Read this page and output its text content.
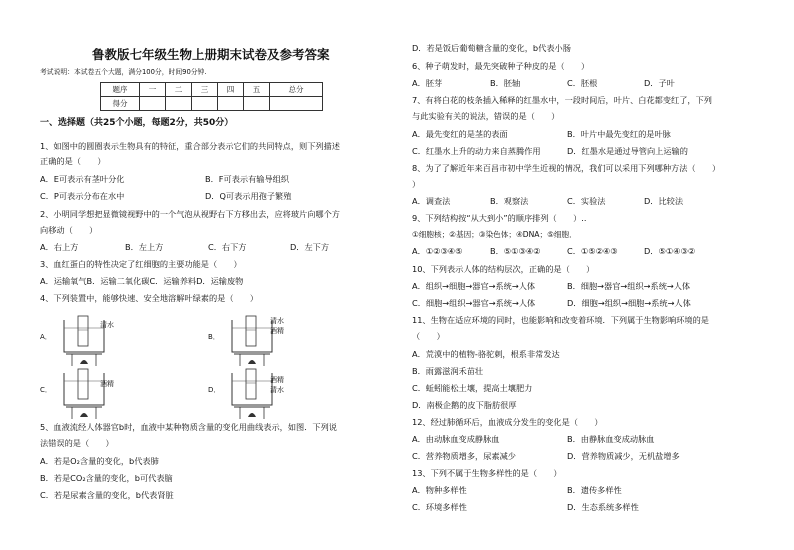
鲁教版七年级生物上册期末试卷及参考答案
考试说明：本试卷五个大题，满分100分，时间90分钟.
题序	一	二	三	四	五	总分
得分						
一、选择题（共25个小题，每题2分，共50分）
1、如图中的圆圈表示生物具有的特征，重合部分表示它们的共同特点，则下列描述
正确的是（　　）
A．E可表示有茎叶分化	B．F可表示有输导组织
C．P可表示分布在水中	D．Q可表示用孢子繁殖
2、小明同学想把显微镜视野中的一个气泡从视野右下方移出去，应将玻片向哪个方
向移动（　　）
A．右上方	B．左上方	C．右下方	D．左下方
3、血红蛋白的特性决定了红细胞的主要功能是（　　）
A．运输氧气B．运输二氧化碳C．运输养料D．运输废物
4、下列装置中，能够快速、安全地溶解叶绿素的是（　　）
A．
清水
B．
清水
酒精
C．
酒精
D．
酒精
清水
5、血液流经人体器官b时，血液中某种物质含量的变化用曲线表示，如图．下列说
法错误的是（　　）
A．若是O₂含量的变化，b代表肺
B．若是CO₂含量的变化，b可代表脑
C．若是尿素含量的变化，b代表肾脏
D．若是饭后葡萄糖含量的变化，b代表小肠
6、种子萌发时，最先突破种子种皮的是（　　）
A．胚芽	B．胚轴	C．胚根	D．子叶
7、有将白花的枝条插入稀释的红墨水中，一段时间后，叶片、白花都变红了，下列
与此实验有关的说法，错误的是（　　）
A．最先变红的是茎的表面	B．叶片中最先变红的是叶脉
C．红墨水上升的动力来自蒸腾作用	D．红墨水是通过导管向上运输的
8、为了了解近年来百昌市初中学生近视的情况，我们可以采用下列哪种方法（　　）
）
A．调查法	B．观察法	C．实验法	D．比较法
9、下列结构按“从大到小”的顺序排列（　　）..
①细胞核；②基因；③染色体；④DNA；⑤细胞．
A．①②③④⑤	B．⑤①③④②	C．①⑤②④③	D．⑤①④③②
10、下列表示人体的结构层次，正确的是（　　）
A．组织→细胞→器官→系统→人体	B．细胞→器官→组织→系统→人体
C．细胞→组织→器官→系统→人体	D．细胞→组织→细胞→系统→人体
11、生物在适应环境的同时，也能影响和改变着环境．下列属于生物影响环境的是
（　　）
A．荒漠中的植物-骆驼刺，根系非常发达
B．雨露滋润禾苗壮
C．蚯蚓能松土壤，提高土壤肥力
D．南极企鹅的皮下脂肪很厚
12、经过肺循环后，血液成分发生的变化是（　　）
A．由动脉血变成静脉血	B．由静脉血变成动脉血
C．营养物质增多，尿素减少	D．营养物质减少，无机盐增多
13、下列不属于生物多样性的是（　　）
A．物种多样性	B．遗传多样性
C．环境多样性	D．生态系统多样性
